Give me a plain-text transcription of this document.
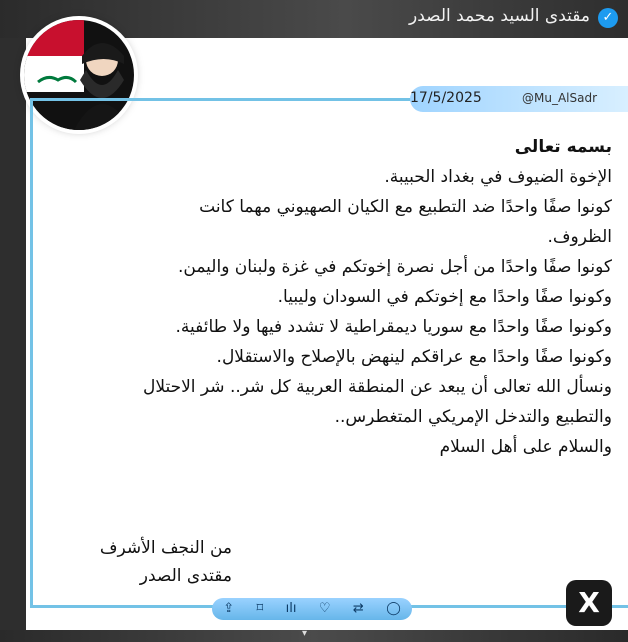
مقتدى السيد محمد الصدر ✓
17/5/2025	@Mu_AlSadr
بسمه تعالى
الإخوة الضيوف في بغداد الحبيبة.
كونوا صفًا واحدًا ضد التطبيع مع الكيان الصهيوني مهما كانت
الظروف.
كونوا صفًا واحدًا من أجل نصرة إخوتكم في غزة ولبنان واليمن.
وكونوا صفًا واحدًا مع إخوتكم في السودان وليبيا.
وكونوا صفًا واحدًا مع سوريا ديمقراطية لا تشدد فيها ولا طائفية.
وكونوا صفًا واحدًا مع عراقكم لينهض بالإصلاح والاستقلال.
ونسأل الله تعالى أن يبعد عن المنطقة العربية كل شر.. شر الاحتلال
والتطبيع والتدخل الإمريكي المتغطرس..
والسلام على أهل السلام
من النجف الأشرف
مقتدى الصدر
⇪ ⌑ ılı ♡ ⇄ ◯	X
▾
